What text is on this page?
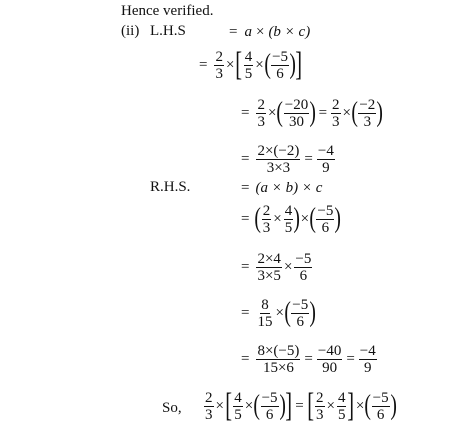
Hence verified.
(ii) L.H.S	= a × (b × c)
= $\frac{2}{3}$ × [ $\frac{4}{5}$ × ( $\frac{-5}{6}$ ) ]
= $\frac{2}{3}$ × ( $\frac{-20}{30}$ ) = $\frac{2}{3}$ × ( $\frac{-2}{3}$ )
= $\frac{2\times(-2)}{3\times 3} = \frac{-4}{9}$
R.H.S.	= (a × b) × c
= ( $\frac{2}{3} \times \frac{4}{5}$ ) × ( $\frac{-5}{6}$ )
= $\frac{2\times 4}{3\times 5} \times \frac{-5}{6}$
= $\frac{8}{15}$ × ( $\frac{-5}{6}$ )
= $\frac{8\times(-5)}{15\times 6} = \frac{-40}{90} = \frac{-4}{9}$
So, $\frac{2}{3}$ × [ $\frac{4}{5}$ × ( $\frac{-5}{6}$ ) ] = [ $\frac{2}{3} \times \frac{4}{5}$ ] × ( $\frac{-5}{6}$ )
